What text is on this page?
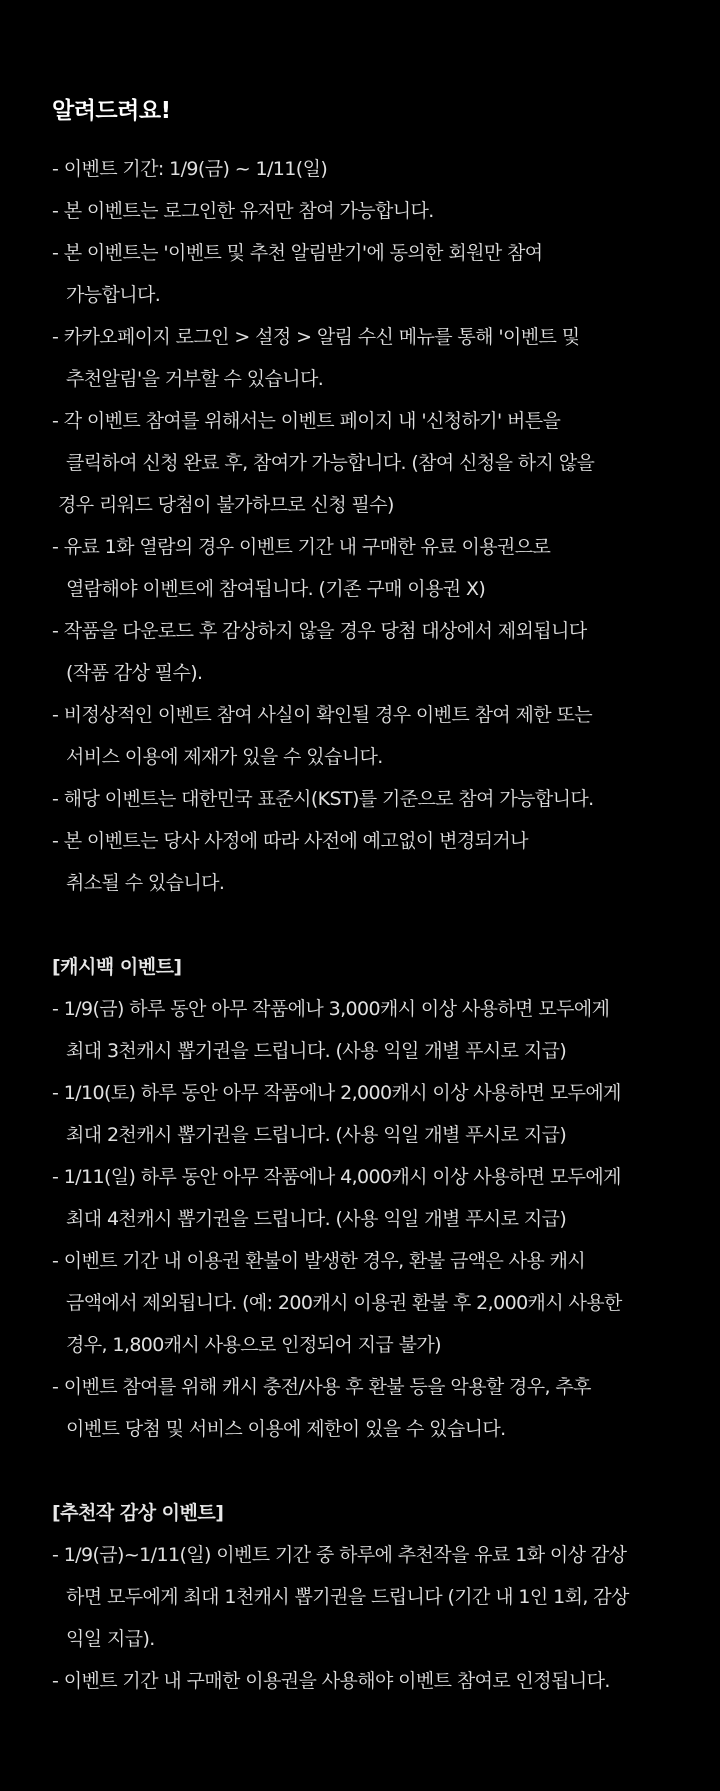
알려드려요!
- 이벤트 기간: 1/9(금) ~ 1/11(일)
- 본 이벤트는 로그인한 유저만 참여 가능합니다.
- 본 이벤트는 '이벤트 및 추천 알림받기'에 동의한 회원만 참여
가능합니다.
- 카카오페이지 로그인 > 설정 > 알림 수신 메뉴를 통해 '이벤트 및
추천알림'을 거부할 수 있습니다.
- 각 이벤트 참여를 위해서는 이벤트 페이지 내 '신청하기' 버튼을
클릭하여 신청 완료 후, 참여가 가능합니다. (참여 신청을 하지 않을
경우 리워드 당첨이 불가하므로 신청 필수)
- 유료 1화 열람의 경우 이벤트 기간 내 구매한 유료 이용권으로
열람해야 이벤트에 참여됩니다. (기존 구매 이용권 X)
- 작품을 다운로드 후 감상하지 않을 경우 당첨 대상에서 제외됩니다
(작품 감상 필수).
- 비정상적인 이벤트 참여 사실이 확인될 경우 이벤트 참여 제한 또는
서비스 이용에 제재가 있을 수 있습니다.
- 해당 이벤트는 대한민국 표준시(KST)를 기준으로 참여 가능합니다.
- 본 이벤트는 당사 사정에 따라 사전에 예고없이 변경되거나
취소될 수 있습니다.
[캐시백 이벤트]
- 1/9(금) 하루 동안 아무 작품에나 3,000캐시 이상 사용하면 모두에게
최대 3천캐시 뽑기권을 드립니다. (사용 익일 개별 푸시로 지급)
- 1/10(토) 하루 동안 아무 작품에나 2,000캐시 이상 사용하면 모두에게
최대 2천캐시 뽑기권을 드립니다. (사용 익일 개별 푸시로 지급)
- 1/11(일) 하루 동안 아무 작품에나 4,000캐시 이상 사용하면 모두에게
최대 4천캐시 뽑기권을 드립니다. (사용 익일 개별 푸시로 지급)
- 이벤트 기간 내 이용권 환불이 발생한 경우, 환불 금액은 사용 캐시
금액에서 제외됩니다. (예: 200캐시 이용권 환불 후 2,000캐시 사용한
경우, 1,800캐시 사용으로 인정되어 지급 불가)
- 이벤트 참여를 위해 캐시 충전/사용 후 환불 등을 악용할 경우, 추후
이벤트 당첨 및 서비스 이용에 제한이 있을 수 있습니다.
[추천작 감상 이벤트]
- 1/9(금)~1/11(일) 이벤트 기간 중 하루에 추천작을 유료 1화 이상 감상
하면 모두에게 최대 1천캐시 뽑기권을 드립니다 (기간 내 1인 1회, 감상
익일 지급).
- 이벤트 기간 내 구매한 이용권을 사용해야 이벤트 참여로 인정됩니다.
